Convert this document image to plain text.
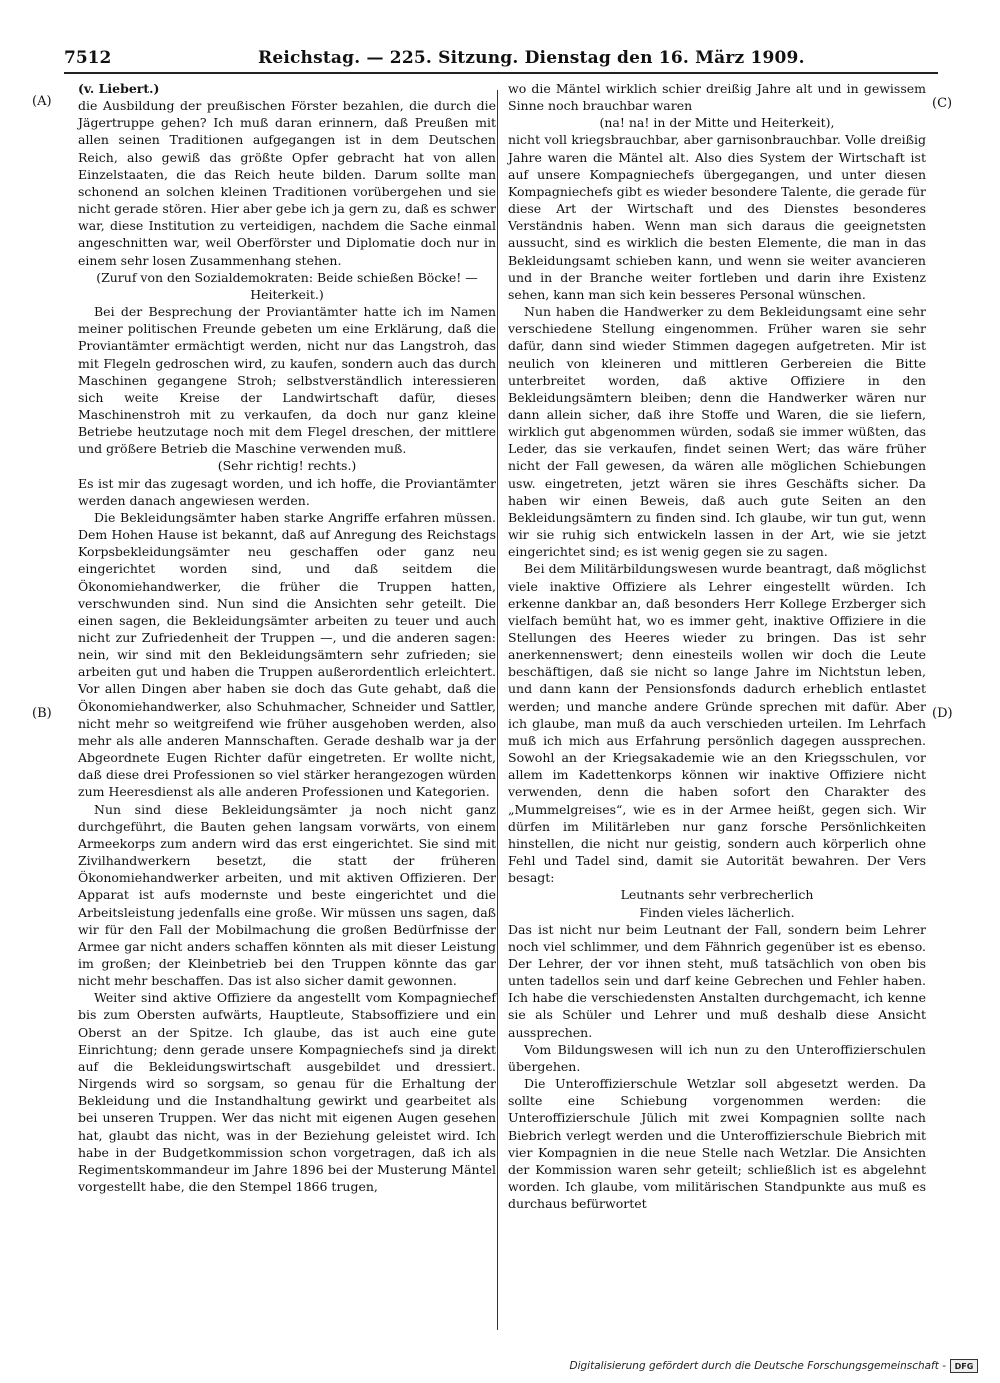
7512	Reichstag. — 225. Sitzung. Dienstag den 16. März 1909.
(A)
(B)
(C)
(D)

(v. Liebert.)

die Ausbildung der preußischen Förster bezahlen, die durch die Jägertruppe gehen? Ich muß daran erinnern, daß Preußen mit allen seinen Traditionen aufgegangen ist in dem Deutschen Reich, also gewiß das größte Opfer gebracht hat von allen Einzelstaaten, die das Reich heute bilden. Darum sollte man schonend an solchen kleinen Traditionen vorübergehen und sie nicht gerade stören. Hier aber gebe ich ja gern zu, daß es schwer war, diese Institution zu verteidigen, nachdem die Sache einmal angeschnitten war, weil Oberförster und Diplomatie doch nur in einem sehr losen Zusammenhang stehen.

(Zuruf von den Sozialdemokraten: Beide schießen Böcke! — Heiterkeit.)

Bei der Besprechung der Proviantämter hatte ich im Namen meiner politischen Freunde gebeten um eine Erklärung, daß die Proviantämter ermächtigt werden, nicht nur das Langstroh, das mit Flegeln gedroschen wird, zu kaufen, sondern auch das durch Maschinen gegangene Stroh; selbstverständlich interessieren sich weite Kreise der Landwirtschaft dafür, dieses Maschinenstroh mit zu verkaufen, da doch nur ganz kleine Betriebe heutzutage noch mit dem Flegel dreschen, der mittlere und größere Betrieb die Maschine verwenden muß.

(Sehr richtig! rechts.)

Es ist mir das zugesagt worden, und ich hoffe, die Proviantämter werden danach angewiesen werden.

Die Bekleidungsämter haben starke Angriffe erfahren müssen. Dem Hohen Hause ist bekannt, daß auf Anregung des Reichstags Korpsbekleidungsämter neu geschaffen oder ganz neu eingerichtet worden sind, und daß seitdem die Ökonomiehandwerker, die früher die Truppen hatten, verschwunden sind. Nun sind die Ansichten sehr geteilt. Die einen sagen, die Bekleidungsämter arbeiten zu teuer und auch nicht zur Zufriedenheit der Truppen —, und die anderen sagen: nein, wir sind mit den Bekleidungsämtern sehr zufrieden; sie arbeiten gut und haben die Truppen außerordentlich erleichtert. Vor allen Dingen aber haben sie doch das Gute gehabt, daß die Ökonomiehandwerker, also Schuhmacher, Schneider und Sattler, nicht mehr so weitgreifend wie früher ausgehoben werden, also mehr als alle anderen Mannschaften. Gerade deshalb war ja der Abgeordnete Eugen Richter dafür eingetreten. Er wollte nicht, daß diese drei Professionen so viel stärker herangezogen würden zum Heeresdienst als alle anderen Professionen und Kategorien.

Nun sind diese Bekleidungsämter ja noch nicht ganz durchgeführt, die Bauten gehen langsam vorwärts, von einem Armeekorps zum andern wird das erst eingerichtet. Sie sind mit Zivilhandwerkern besetzt, die statt der früheren Ökonomiehandwerker arbeiten, und mit aktiven Offizieren. Der Apparat ist aufs modernste und beste eingerichtet und die Arbeitsleistung jedenfalls eine große. Wir müssen uns sagen, daß wir für den Fall der Mobilmachung die großen Bedürfnisse der Armee gar nicht anders schaffen könnten als mit dieser Leistung im großen; der Kleinbetrieb bei den Truppen könnte das gar nicht mehr beschaffen. Das ist also sicher damit gewonnen.

Weiter sind aktive Offiziere da angestellt vom Kompagniechef bis zum Obersten aufwärts, Hauptleute, Stabsoffiziere und ein Oberst an der Spitze. Ich glaube, das ist auch eine gute Einrichtung; denn gerade unsere Kompagniechefs sind ja direkt auf die Bekleidungswirtschaft ausgebildet und dressiert. Nirgends wird so sorgsam, so genau für die Erhaltung der Bekleidung und die Instandhaltung gewirkt und gearbeitet als bei unseren Truppen. Wer das nicht mit eigenen Augen gesehen hat, glaubt das nicht, was in der Beziehung geleistet wird. Ich habe in der Budgetkommission schon vorgetragen, daß ich als Regimentskommandeur im Jahre 1896 bei der Musterung Mäntel vorgestellt habe, die den Stempel 1866 trugen,

wo die Mäntel wirklich schier dreißig Jahre alt und in gewissem Sinne noch brauchbar waren

(na! na! in der Mitte und Heiterkeit),

nicht voll kriegsbrauchbar, aber garnisonbrauchbar. Volle dreißig Jahre waren die Mäntel alt. Also dies System der Wirtschaft ist auf unsere Kompagniechefs übergegangen, und unter diesen Kompagniechefs gibt es wieder besondere Talente, die gerade für diese Art der Wirtschaft und des Dienstes besonderes Verständnis haben. Wenn man sich daraus die geeignetsten aussucht, sind es wirklich die besten Elemente, die man in das Bekleidungsamt schieben kann, und wenn sie weiter avancieren und in der Branche weiter fortleben und darin ihre Existenz sehen, kann man sich kein besseres Personal wünschen.

Nun haben die Handwerker zu dem Bekleidungsamt eine sehr verschiedene Stellung eingenommen. Früher waren sie sehr dafür, dann sind wieder Stimmen dagegen aufgetreten. Mir ist neulich von kleineren und mittleren Gerbereien die Bitte unterbreitet worden, daß aktive Offiziere in den Bekleidungsämtern bleiben; denn die Handwerker wären nur dann allein sicher, daß ihre Stoffe und Waren, die sie liefern, wirklich gut abgenommen würden, sodaß sie immer wüßten, das Leder, das sie verkaufen, findet seinen Wert; das wäre früher nicht der Fall gewesen, da wären alle möglichen Schiebungen usw. eingetreten, jetzt wären sie ihres Geschäfts sicher. Da haben wir einen Beweis, daß auch gute Seiten an den Bekleidungsämtern zu finden sind. Ich glaube, wir tun gut, wenn wir sie ruhig sich entwickeln lassen in der Art, wie sie jetzt eingerichtet sind; es ist wenig gegen sie zu sagen.

Bei dem Militärbildungswesen wurde beantragt, daß möglichst viele inaktive Offiziere als Lehrer eingestellt würden. Ich erkenne dankbar an, daß besonders Herr Kollege Erzberger sich vielfach bemüht hat, wo es immer geht, inaktive Offiziere in die Stellungen des Heeres wieder zu bringen. Das ist sehr anerkennenswert; denn einesteils wollen wir doch die Leute beschäftigen, daß sie nicht so lange Jahre im Nichtstun leben, und dann kann der Pensionsfonds dadurch erheblich entlastet werden; und manche andere Gründe sprechen mit dafür. Aber ich glaube, man muß da auch verschieden urteilen. Im Lehrfach muß ich mich aus Erfahrung persönlich dagegen aussprechen. Sowohl an der Kriegsakademie wie an den Kriegsschulen, vor allem im Kadettenkorps können wir inaktive Offiziere nicht verwenden, denn die haben sofort den Charakter des „Mummelgreises“, wie es in der Armee heißt, gegen sich. Wir dürfen im Militärleben nur ganz forsche Persönlichkeiten hinstellen, die nicht nur geistig, sondern auch körperlich ohne Fehl und Tadel sind, damit sie Autorität bewahren. Der Vers besagt:

Leutnants sehr verbrecherlich

Finden vieles lächerlich.

Das ist nicht nur beim Leutnant der Fall, sondern beim Lehrer noch viel schlimmer, und dem Fähnrich gegenüber ist es ebenso. Der Lehrer, der vor ihnen steht, muß tatsächlich von oben bis unten tadellos sein und darf keine Gebrechen und Fehler haben. Ich habe die verschiedensten Anstalten durchgemacht, ich kenne sie als Schüler und Lehrer und muß deshalb diese Ansicht aussprechen.

Vom Bildungswesen will ich nun zu den Unteroffizierschulen übergehen.

Die Unteroffizierschule Wetzlar soll abgesetzt werden. Da sollte eine Schiebung vorgenommen werden: die Unteroffizierschule Jülich mit zwei Kompagnien sollte nach Biebrich verlegt werden und die Unteroffizierschule Biebrich mit vier Kompagnien in die neue Stelle nach Wetzlar. Die Ansichten der Kommission waren sehr geteilt; schließlich ist es abgelehnt worden. Ich glaube, vom militärischen Standpunkte aus muß es durchaus befürwortet

Digitalisierung gefördert durch die Deutsche Forschungsgemeinschaft -	DFG
